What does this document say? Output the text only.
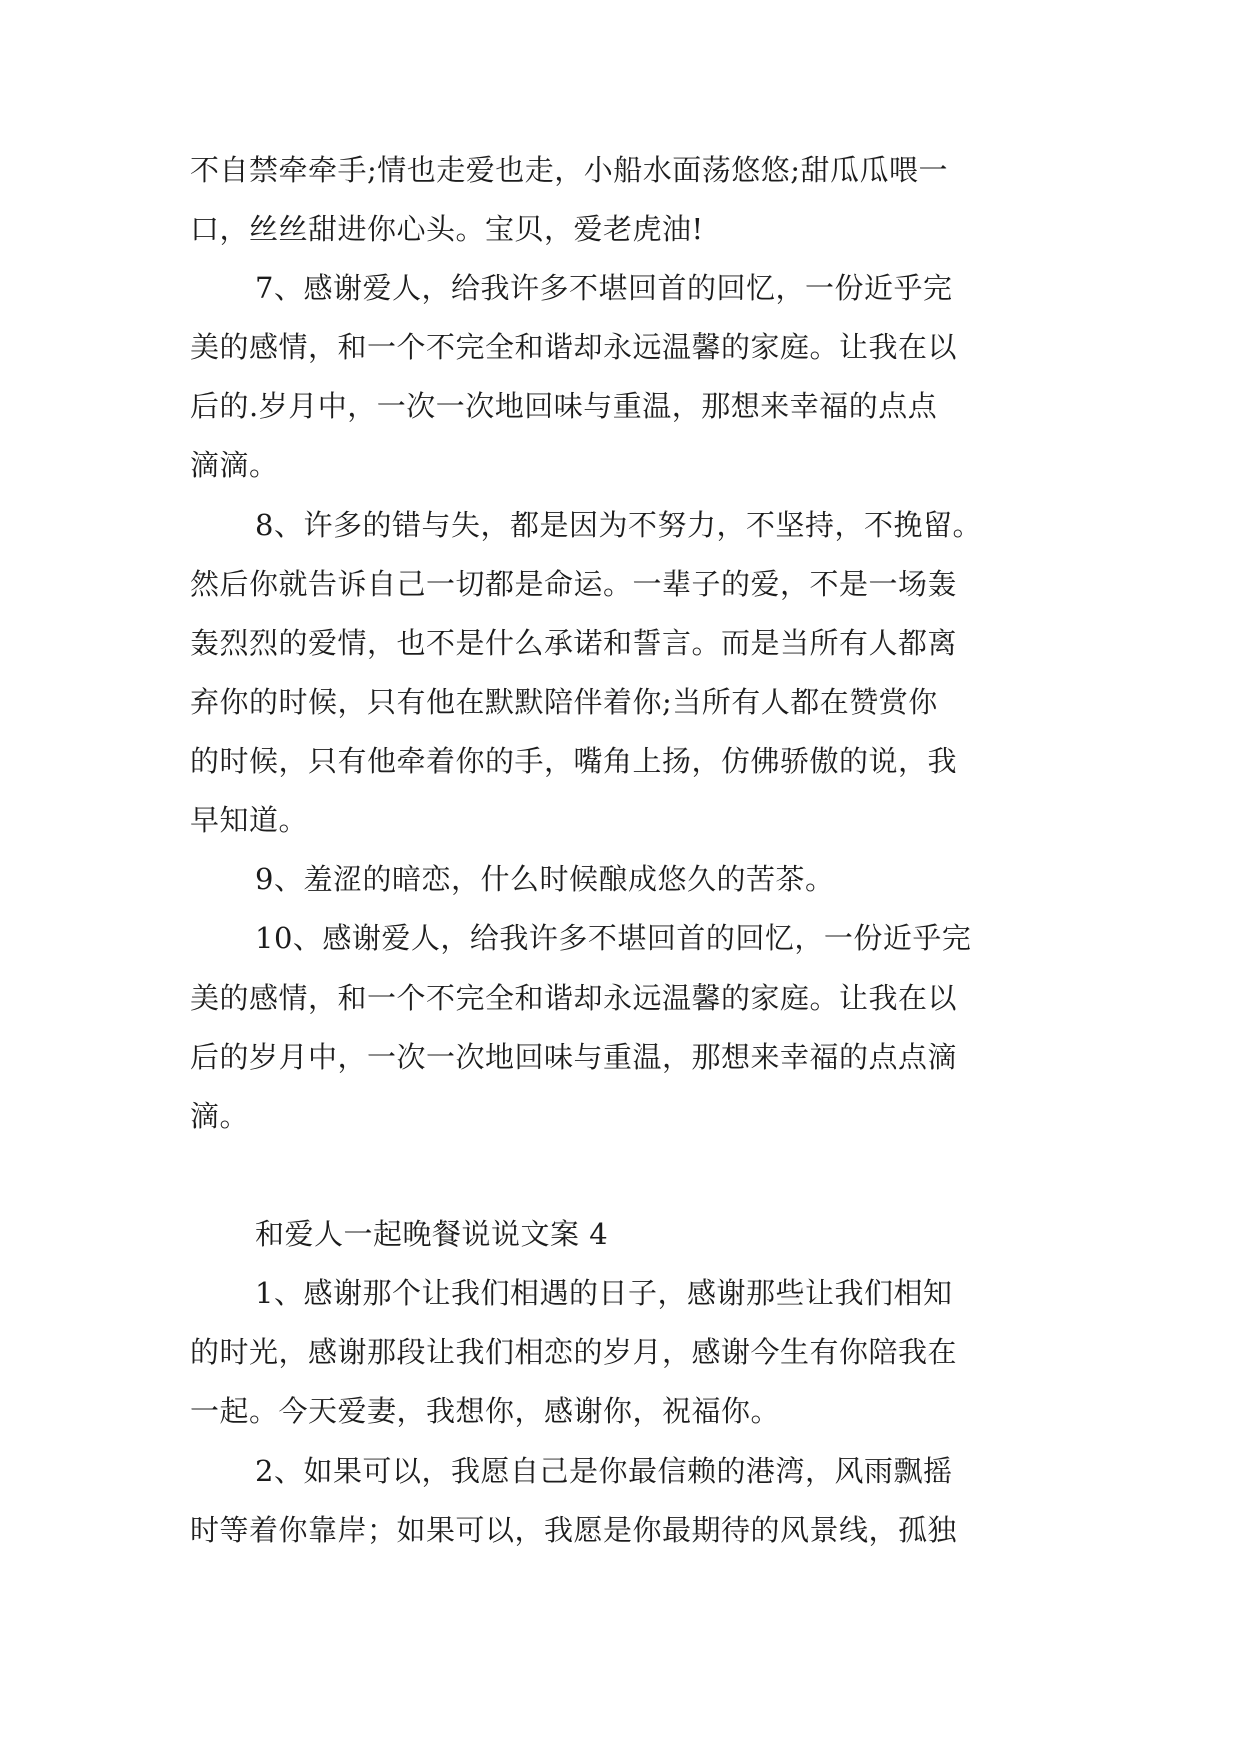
不自禁牵牵手;情也走爱也走，小船水面荡悠悠;甜瓜瓜喂一
口，丝丝甜进你心头。宝贝，爱老虎油!
7、感谢爱人，给我许多不堪回首的回忆，一份近乎完
美的感情，和一个不完全和谐却永远温馨的家庭。让我在以
后的.岁月中，一次一次地回味与重温，那想来幸福的点点
滴滴。
8、许多的错与失，都是因为不努力，不坚持，不挽留。
然后你就告诉自己一切都是命运。一辈子的爱，不是一场轰
轰烈烈的爱情，也不是什么承诺和誓言。而是当所有人都离
弃你的时候，只有他在默默陪伴着你;当所有人都在赞赏你
的时候，只有他牵着你的手，嘴角上扬，仿佛骄傲的说，我
早知道。
9、羞涩的暗恋，什么时候酿成悠久的苦茶。
10、感谢爱人，给我许多不堪回首的回忆，一份近乎完
美的感情，和一个不完全和谐却永远温馨的家庭。让我在以
后的岁月中，一次一次地回味与重温，那想来幸福的点点滴
滴。
和爱人一起晚餐说说文案 4
1、感谢那个让我们相遇的日子，感谢那些让我们相知
的时光，感谢那段让我们相恋的岁月，感谢今生有你陪我在
一起。今天爱妻，我想你，感谢你，祝福你。
2、如果可以，我愿自己是你最信赖的港湾，风雨飘摇
时等着你靠岸；如果可以，我愿是你最期待的风景线，孤独
